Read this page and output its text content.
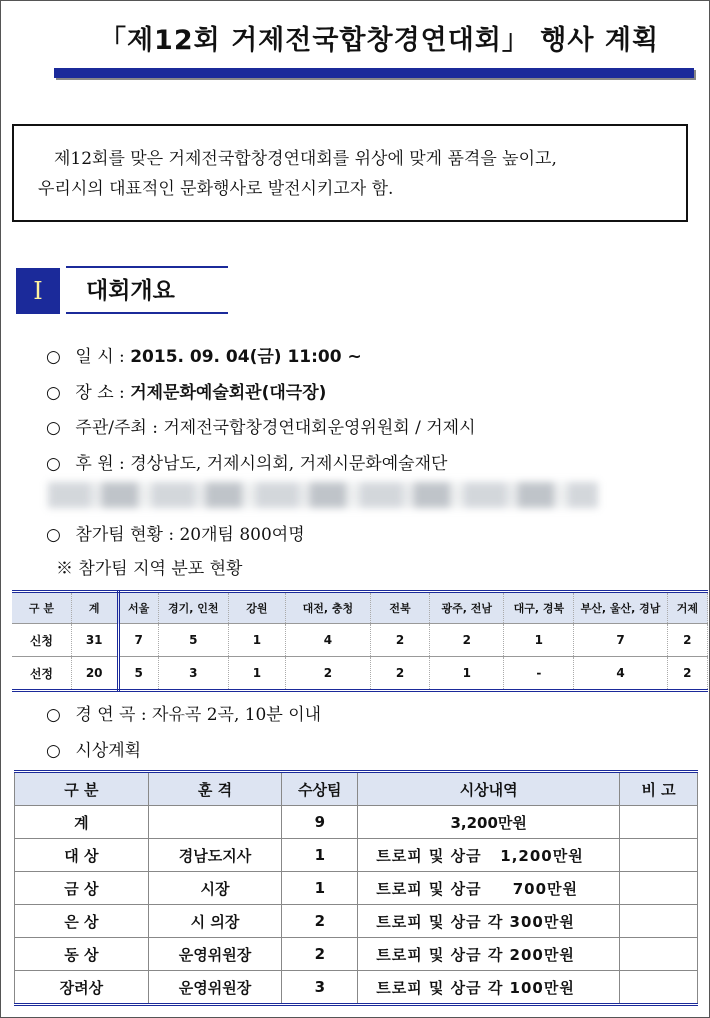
「제12회 거제전국합창경연대회」 행사 계획

제12회를 맞은 거제전국합창경연대회를 위상에 맞게 품격을 높이고,

우리시의 대표적인 문화행사로 발전시키고자 함.

I	대회개요
○ 일 시 : 2015. 09. 04(금) 11:00 ~
○ 장 소 : 거제문화예술회관(대극장)
○ 주관/주최 : 거제전국합창경연대회운영위원회 / 거제시
○ 후 원 : 경상남도, 거제시의회, 거제시문화예술재단
○ 참가팀 현황 : 20개팀 800여명
※ 참가팀 지역 분포 현황
구 분	계	서울	경기, 인천	강원	대전, 충청	전북	광주, 전남	대구, 경북	부산, 울산, 경남	거제
신청	31	7	5	1	4	2	2	1	7	2
선정	20	5	3	1	2	2	1	-	4	2
○ 경 연 곡 : 자유곡 2곡, 10분 이내
○ 시상계획
구 분	훈 격	수상팀	시상내역	비 고
계		9	3,200만원	
대 상	경남도지사	1	트로피 및 상금   1,200만원	
금 상	시장	1	트로피 및 상금     700만원	
은 상	시 의장	2	트로피 및 상금 각 300만원	
동 상	운영위원장	2	트로피 및 상금 각 200만원	
장려상	운영위원장	3	트로피 및 상금 각 100만원	
